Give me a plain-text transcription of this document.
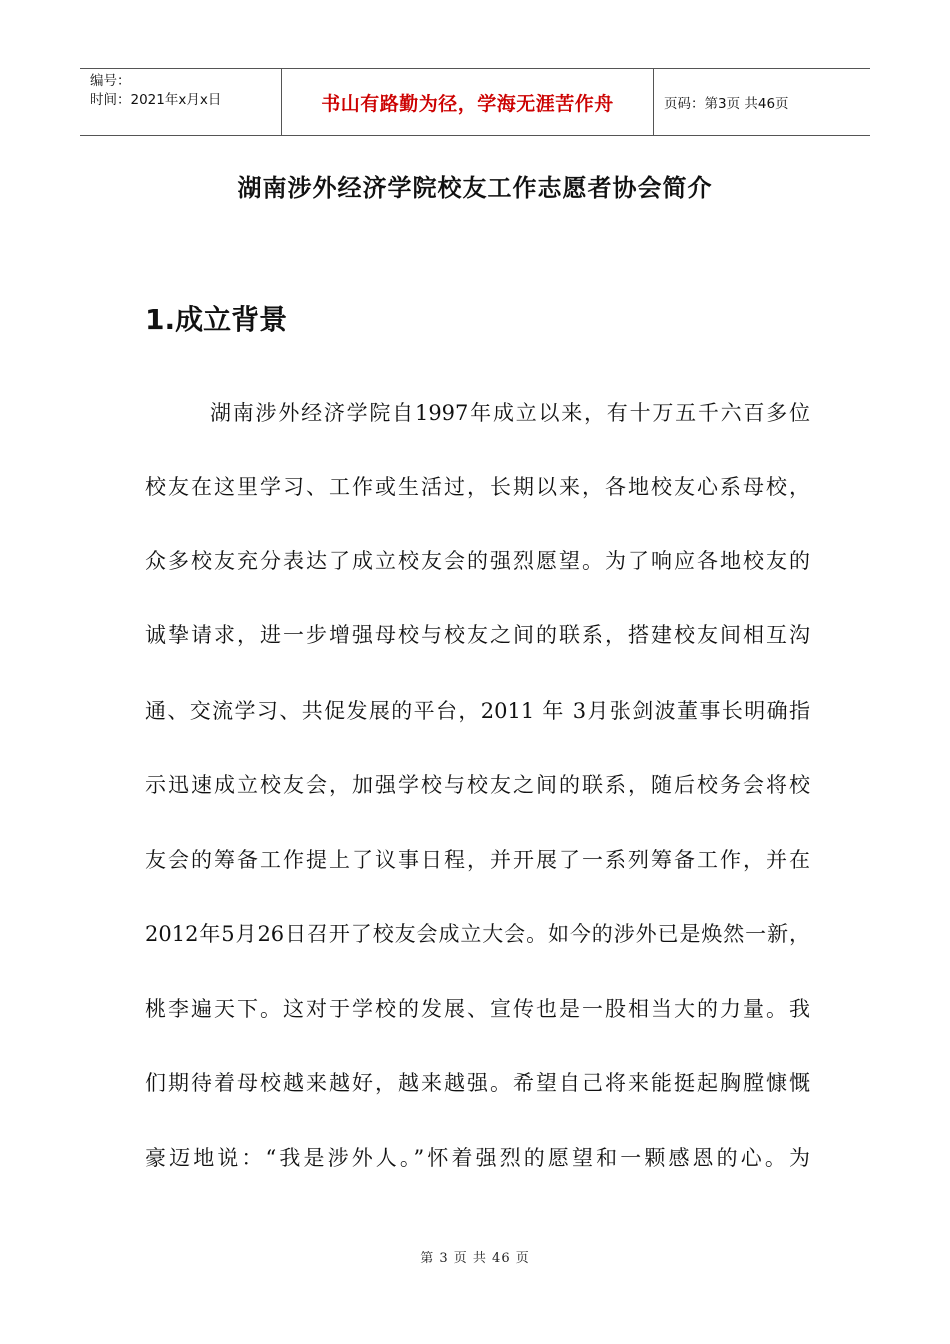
编号：
时间：2021年x月x日	书山有路勤为径，学海无涯苦作舟	页码：第3页 共46页
湖南涉外经济学院校友工作志愿者协会简介
1.成立背景
湖南涉外经济学院自1997年成立以来，有十万五千六百多位
校友在这里学习、工作或生活过，长期以来，各地校友心系母校，
众多校友充分表达了成立校友会的强烈愿望。为了响应各地校友的
诚挚请求，进一步增强母校与校友之间的联系，搭建校友间相互沟
通、交流学习、共促发展的平台，2011 年 3月张剑波董事长明确指
示迅速成立校友会，加强学校与校友之间的联系，随后校务会将校
友会的筹备工作提上了议事日程，并开展了一系列筹备工作，并在
2012年5月26日召开了校友会成立大会。如今的涉外已是焕然一新，
桃李遍天下。这对于学校的发展、宣传也是一股相当大的力量。我
们期待着母校越来越好，越来越强。希望自己将来能挺起胸膛慷慨
豪迈地说：“我是涉外人。”怀着强烈的愿望和一颗感恩的心。为
第 3 页 共 46 页
